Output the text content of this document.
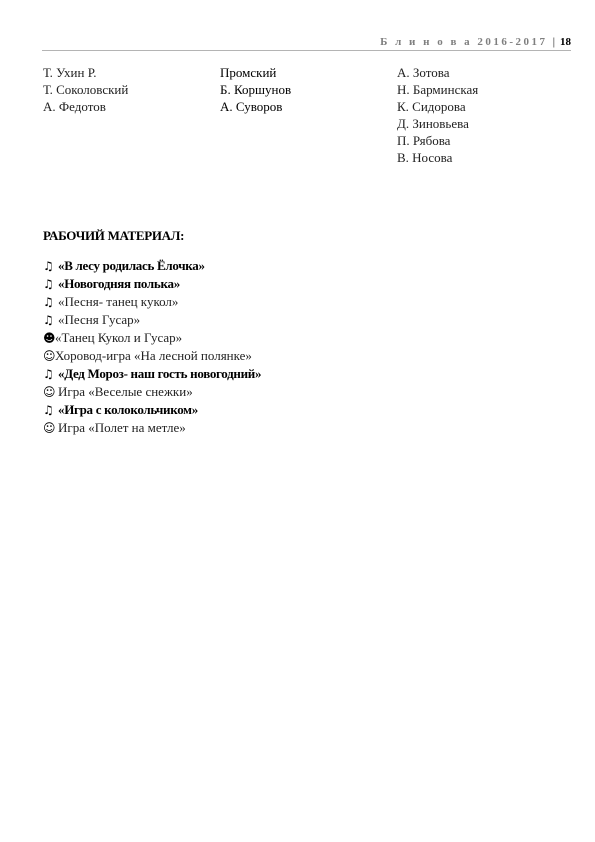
Б л и н о в а 2016-2017 | 18
Т. Ухин Р.
Т. Соколовский
А. Федотов
Промский
Б. Коршунов
А. Суворов
А. Зотова
Н. Барминская
К. Сидорова
Д. Зиновьева
П. Рябова
В. Носова
РАБОЧИЙ МАТЕРИАЛ:
♫ «В лесу родилась Ёлочка»
♫ «Новогодняя полька»
♫ «Песня- танец кукол»
♫ «Песня Гусар»
☻«Танец Кукол и Гусар»
☺Хоровод-игра «На лесной полянке»
♫ «Дед Мороз- наш гость новогодний»
☺ Игра «Веселые снежки»
♫ «Игра с колокольчиком»
☺ Игра «Полет на метле»
